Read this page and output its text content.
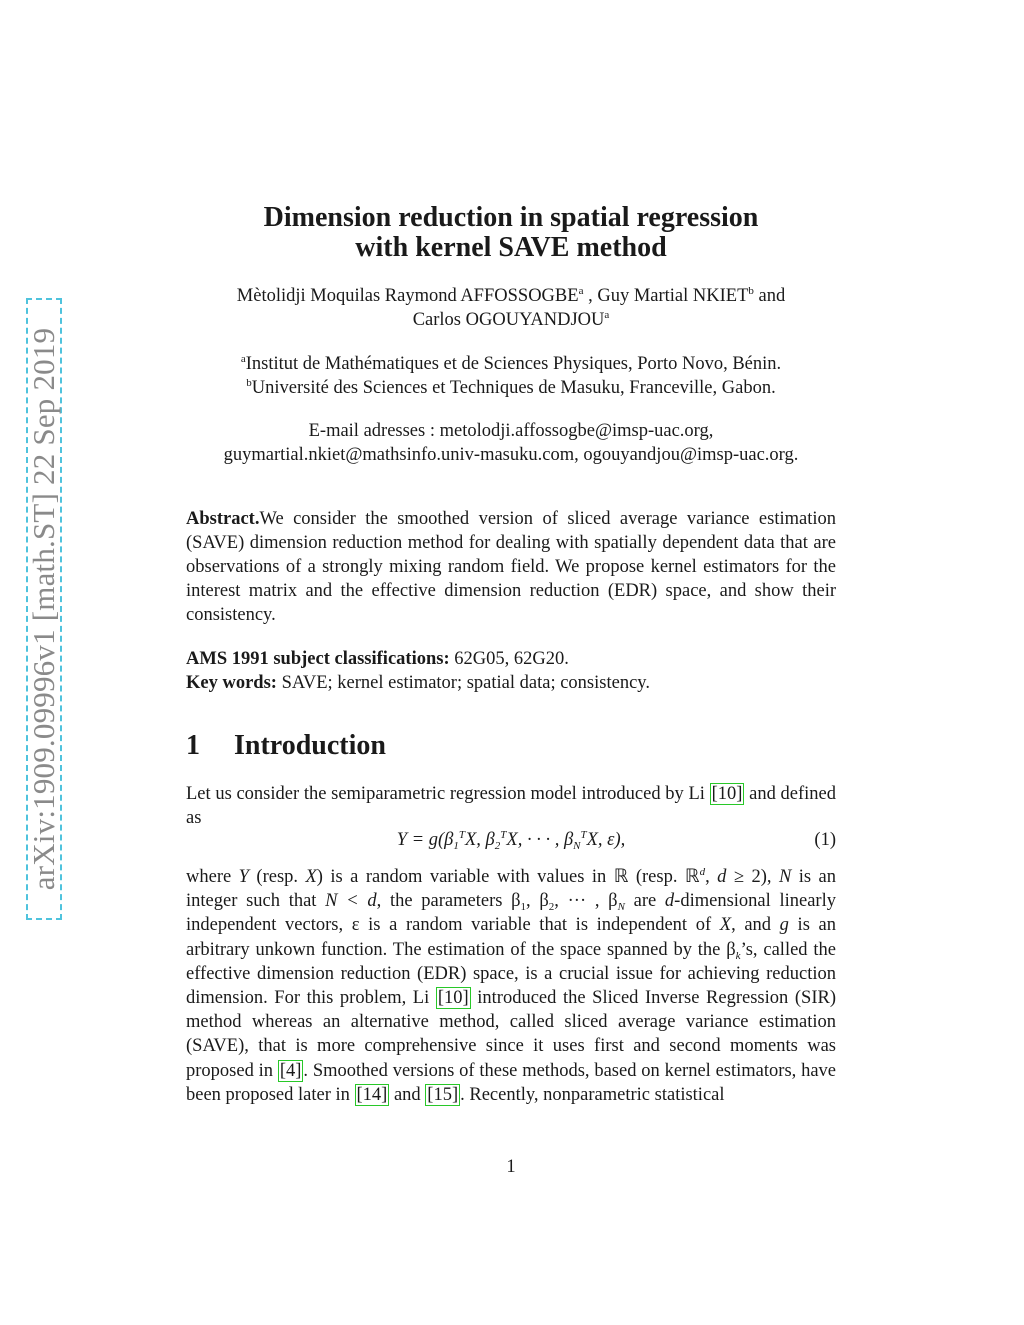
arXiv:1909.09996v1 [math.ST] 22 Sep 2019
Dimension reduction in spatial regression
with kernel SAVE method
Mètolidji Moquilas Raymond AFFOSSOGBE$^a$ , Guy Martial NKIET$^b$ and
Carlos OGOUYANDJOU$^a$
$^a$Institut de Mathématiques et de Sciences Physiques, Porto Novo, Bénin.
$^b$Université des Sciences et Techniques de Masuku, Franceville, Gabon.
E-mail adresses : metolodji.affossogbe@imsp-uac.org,
guymartial.nkiet@mathsinfo.univ-masuku.com, ogouyandjou@imsp-uac.org.
Abstract.We consider the smoothed version of sliced average variance estimation (SAVE) dimension reduction method for dealing with spatially dependent data that are observations of a strongly mixing random field. We propose kernel estimators for the interest matrix and the effective dimension reduction (EDR) space, and show their consistency.
AMS 1991 subject classifications: 62G05, 62G20.
Key words: SAVE; kernel estimator; spatial data; consistency.
1 Introduction
Let us consider the semiparametric regression model introduced by Li [10] and defined as
$Y = g(\beta_1^TX$, $\beta_2^TX$, · · · , $\beta_N^TX$, ε),	(1)
where Y (resp. X) is a random variable with values in ℝ (resp. ℝ$^d$, d ≥ 2), N is an integer such that N < d, the parameters $\beta_1$, $\beta_2$, ··· , $\beta_N$ are d-dimensional linearly independent vectors, ε is a random variable that is independent of X, and g is an arbitrary unkown function. The estimation of the space spanned by the $\beta_k’s$, called the effective dimension reduction (EDR) space, is a crucial issue for achieving reduction dimension. For this problem, Li [10] introduced the Sliced Inverse Regression (SIR) method whereas an alternative method, called sliced average variance estimation (SAVE), that is more comprehensive since it uses first and second moments was proposed in [4] . Smoothed versions of these methods, based on kernel estimators, have been proposed later in [14] and [15] . Recently, nonparametric statistical
1
